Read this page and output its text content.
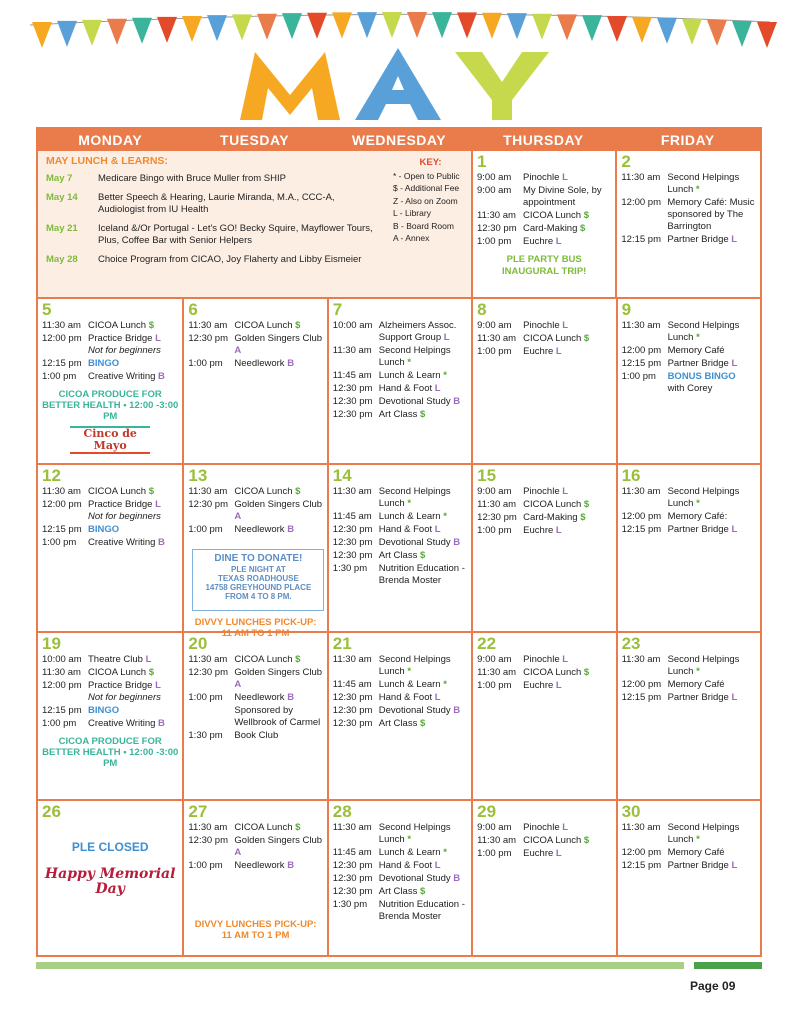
MONDAY	TUESDAY	WEDNESDAY	THURSDAY	FRIDAY
MAY LUNCH & LEARNS:
May 7	Medicare Bingo with Bruce Muller from SHIP
May 14	Better Speech & Hearing, Laurie Miranda, M.A., CCC-A, Audiologist from IU Health
May 21	Iceland &/Or Portugal - Let's GO! Becky Squire, Mayflower Tours, Plus, Coffee Bar with Senior Helpers
May 28	Choice Program from CICAO, Joy Flaherty and Libby Eismeier
KEY:
* - Open to Public
$ - Additional Fee
Z - Also on Zoom
L - Library
B - Board Room
A - Annex
1
9:00 am	Pinochle L
9:00 am	My Divine Sole, by appointment
11:30 am CICOA Lunch $
12:30 pm Card-Making $
1:00 pm	Euchre L
PLE PARTY BUS INAUGURAL TRIP!
2
11:30 am Second Helpings Lunch *
12:00 pm Memory Café: Music sponsored by The Barrington
12:15 pm Partner Bridge L
5
11:30 am CICOA Lunch $
12:00 pm Practice Bridge L
Not for beginners
12:15 pm BINGO
1:00 pm	Creative Writing B
CICOA PRODUCE FOR BETTER HEALTH • 12:00 -3:00 PM
Cinco de Mayo
6
11:30 am CICOA Lunch $
12:30 pm Golden Singers Club A
1:00 pm	Needlework B
7
10:00 am Alzheimers Assoc. Support Group L
11:30 am Second Helpings Lunch *
11:45 am Lunch & Learn *
12:30 pm Hand & Foot L
12:30 pm Devotional Study B
12:30 pm Art Class $
8
9:00 am	Pinochle L
11:30 am CICOA Lunch $
1:00 pm	Euchre L
9
11:30 am Second Helpings Lunch *
12:00 pm Memory Café
12:15 pm Partner Bridge L
1:00 pm	BONUS BINGO
with Corey
12
11:30 am CICOA Lunch $
12:00 pm Practice Bridge L
Not for beginners
12:15 pm BINGO
1:00 pm	Creative Writing B
13
11:30 am CICOA Lunch $
12:30 pm Golden Singers Club A
1:00 pm	Needlework B
DINE TO DONATE!
PLE NIGHT AT
TEXAS ROADHOUSE
14758 GREYHOUND PLACE
FROM 4 TO 8 PM.
DIVVY LUNCHES PICK-UP: 11 AM TO 1 PM
14
11:30 am Second Helpings Lunch *
11:45 am Lunch & Learn *
12:30 pm Hand & Foot L
12:30 pm Devotional Study B
12:30 pm Art Class $
1:30 pm	Nutrition Education - Brenda Moster
15
9:00 am	Pinochle L
11:30 am CICOA Lunch $
12:30 pm Card-Making $
1:00 pm	Euchre L
16
11:30 am Second Helpings Lunch *
12:00 pm Memory Café:
12:15 pm Partner Bridge L
19
10:00 am Theatre Club L
11:30 am CICOA Lunch $
12:00 pm Practice Bridge L
Not for beginners
12:15 pm BINGO
1:00 pm	Creative Writing B
CICOA PRODUCE FOR BETTER HEALTH • 12:00 -3:00 PM
20
11:30 am CICOA Lunch $
12:30 pm Golden Singers Club A
1:00 pm	Needlework B
Sponsored by Wellbrook of Carmel
1:30 pm	Book Club
21
11:30 am Second Helpings Lunch *
11:45 am Lunch & Learn *
12:30 pm Hand & Foot L
12:30 pm Devotional Study B
12:30 pm Art Class $
22
9:00 am	Pinochle L
11:30 am CICOA Lunch $
1:00 pm	Euchre L
23
11:30 am Second Helpings Lunch *
12:00 pm Memory Café
12:15 pm Partner Bridge L
26
PLE CLOSED
Happy Memorial Day
27
11:30 am CICOA Lunch $
12:30 pm Golden Singers Club A
1:00 pm	Needlework B
DIVVY LUNCHES PICK-UP: 11 AM TO 1 PM
28
11:30 am Second Helpings Lunch *
11:45 am Lunch & Learn *
12:30 pm Hand & Foot L
12:30 pm Devotional Study B
12:30 pm Art Class $
1:30 pm	Nutrition Education - Brenda Moster
29
9:00 am	Pinochle L
11:30 am CICOA Lunch $
1:00 pm	Euchre L
30
11:30 am Second Helpings Lunch *
12:00 pm Memory Café
12:15 pm Partner Bridge L
Page 09
